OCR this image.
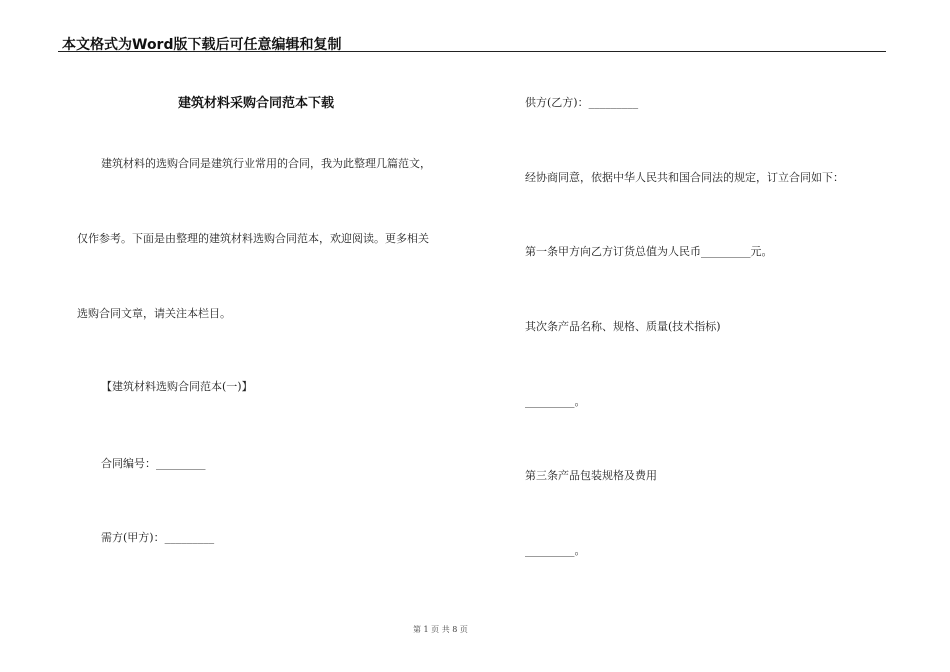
本文格式为Word版下载后可任意编辑和复制
建筑材料采购合同范本下载
建筑材料的选购合同是建筑行业常用的合同，我为此整理几篇范文，
仅作参考。下面是由整理的建筑材料选购合同范本，欢迎阅读。更多相关
选购合同文章，请关注本栏目。
【建筑材料选购合同范本(一)】
合同编号：_________
需方(甲方)：_________
供方(乙方)：_________
经协商同意，依据中华人民共和国合同法的规定，订立合同如下：
第一条甲方向乙方订货总值为人民币_________元。
其次条产品名称、规格、质量(技术指标)
_________。
第三条产品包装规格及费用
_________。
第 1 页 共 8 页
